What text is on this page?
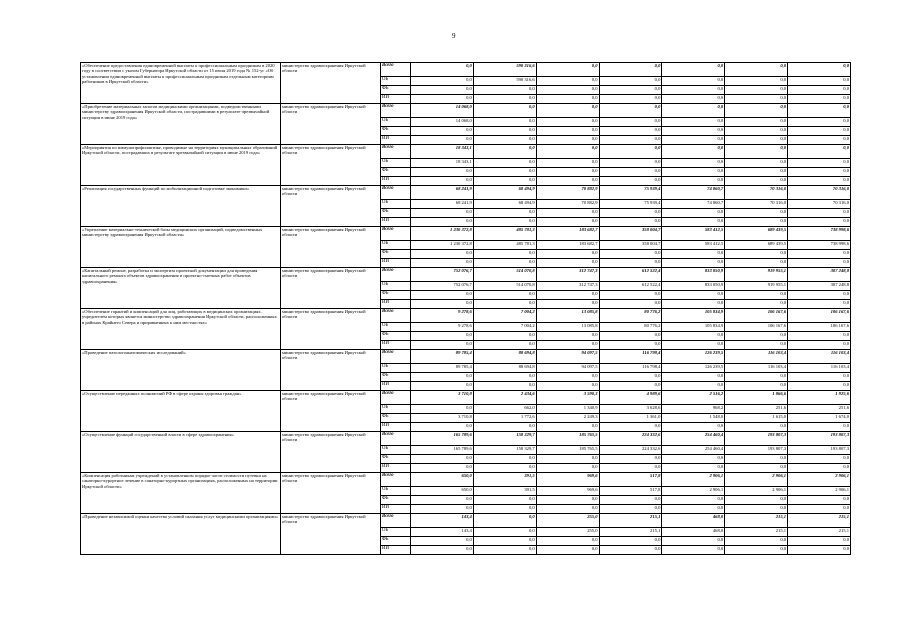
9
«Обеспечение предоставления единовременной выплаты к профессиональным праздникам в 2020 году в соответствии с указом Губернатора Иркутской области от 15 июля 2019 года № 152-уг «Об установлении единовременной выплаты к профессиональным праздникам отдельным категориям работников в Иркутской области»	министерство здравоохранения Иркутской области	Всего	0,0	590 316,6	0,0	0,0	0,0	0,0	0,0
		ОБ	0,0	590 316,6	0,0	0,0	0,0	0,0	0,0
		ФБ	0,0	0,0	0,0	0,0	0,0	0,0	0,0
		ИИ	0,0	0,0	0,0	0,0	0,0	0,0	0,0
«Приобретение материальных запасов медицинскими организациями, подведомственными министерству здравоохранения Иркутской области, пострадавшими в результате чрезвычайной ситуации в июне 2019 года»	министерство здравоохранения Иркутской области	Всего	14 068,0	0,0	0,0	0,0	0,0	0,0	0,0
		ОБ	14 068,0	0,0	0,0	0,0	0,0	0,0	0,0
		ФБ	0,0	0,0	0,0	0,0	0,0	0,0	0,0
		ИИ	0,0	0,0	0,0	0,0	0,0	0,0	0,0
«Мероприятия по иммунопрофилактике, проводимые на территориях муниципальных образований Иркутской области, пострадавших в результате чрезвычайной ситуации в июне 2019 года»	министерство здравоохранения Иркутской области	Всего	18 343,1	0,0	0,0	0,0	0,0	0,0	0,0
		ОБ	18 343,1	0,0	0,0	0,0	0,0	0,0	0,0
		ФБ	0,0	0,0	0,0	0,0	0,0	0,0	0,0
		ИИ	0,0	0,0	0,0	0,0	0,0	0,0	0,0
«Реализация государственных функций по мобилизационной подготовке экономики»	министерство здравоохранения Иркутской области	Всего	68 241,9	68 494,9	70 882,9	75 939,4	74 860,7	70 316,0	70 316,0
		ОБ	68 241,9	68 494,9	70 882,9	75 939,4	74 860,7	70 316,0	70 316,0
		ФБ	0,0	0,0	0,0	0,0	0,0	0,0	0,0
		ИИ	0,0	0,0	0,0	0,0	0,0	0,0	0,0
«Укрепление материально-технической базы медицинских организаций, подведомственных министерству здравоохранения Иркутской области»	министерство здравоохранения Иркутской области	Всего	1 230 372,8	485 781,3	183 682,7	358 004,7	583 412,5	689 439,5	738 998,6
		ОБ	1 230 372,8	485 781,3	183 682,7	358 004,7	583 412,5	689 439,5	738 998,6
		ФБ	0,0	0,0	0,0	0,0	0,0	0,0	0,0
		ИИ	0,0	0,0	0,0	0,0	0,0	0,0	0,0
«Капитальный ремонт, разработка и экспертиза проектной документации для проведения капитального ремонта объектов здравоохранения и проектно-сметных работ объектов здравоохранения»	министерство здравоохранения Иркутской области	Всего	752 076,7	514 070,8	312 747,3	612 522,4	833 050,9	919 955,1	307 248,8
		ОБ	752 076,7	514 070,8	312 747,3	612 522,4	833 050,9	919 955,1	307 248,8
		ФБ	0,0	0,0	0,0	0,0	0,0	0,0	0,0
		ИИ	0,0	0,0	0,0	0,0	0,0	0,0	0,0
«Обеспечение гарантий и компенсаций для лиц, работающих в медицинских организациях, учредителем которых является министерство здравоохранения Иркутской области, расположенных в районах Крайнего Севера и приравненных к ним местностях»	министерство здравоохранения Иркутской области	Всего	9 278,6	7 004,2	13 085,8	80 776,2	105 834,9	106 167,6	106 167,6
		ОБ	9 278,6	7 004,2	13 085,8	80 776,2	105 834,9	106 167,6	106 167,6
		ФБ	0,0	0,0	0,0	0,0	0,0	0,0	0,0
		ИИ	0,0	0,0	0,0	0,0	0,0	0,0	0,0
«Проведение патологоанатомических исследований»	министерство здравоохранения Иркутской области	Всего	89 785,4	88 694,8	94 097,5	116 798,4	126 239,5	116 103,4	116 103,4
		ОБ	89 785,4	88 694,8	94 097,5	116 798,4	126 239,5	116 103,4	116 103,4
		ФБ	0,0	0,0	0,0	0,0	0,0	0,0	0,0
		ИИ	0,0	0,0	0,0	0,0	0,0	0,0	0,0
«Осуществление переданных полномочий РФ в сфере охраны здоровья граждан»	министерство здравоохранения Иркутской области	Всего	3 710,8	2 434,6	3 590,3	4 989,6	2 516,2	1 866,6	1 925,6
		ОБ	0,0	662,0	1 340,9	3 628,6	968,2	251,6	251,6
		ФБ	3 710,8	1 772,6	2 249,3	1 361,0	1 548,0	1 615,0	1 674,0
		ИИ	0,0	0,0	0,0	0,0	0,0	0,0	0,0
«Осуществление функций государственной власти в сфере здравоохранения»	министерство здравоохранения Иркутской области	Всего	165 789,6	158 329,7	185 765,5	224 332,6	254 460,4	193 807,3	193 807,3
		ОБ	165 789,6	158 329,7	185 765,5	224 332,6	254 460,4	193 807,3	193 807,3
		ФБ	0,0	0,0	0,0	0,0	0,0	0,0	0,0
		ИИ	0,0	0,0	0,0	0,0	0,0	0,0	0,0
«Компенсация работникам учреждений в установленном порядке части стоимости путевки на санаторно-курортное лечение в санаторно-курортных организациях, расположенных на территории Иркутской области»	министерство здравоохранения Иркутской области	Всего	650,0	391,5	969,6	517,8	2 906,1	2 906,1	2 906,1
		ОБ	650,0	391,5	969,6	517,8	2 906,1	2 906,1	2 906,1
		ФБ	0,0	0,0	0,0	0,0	0,0	0,0	0,0
		ИИ	0,0	0,0	0,0	0,0	0,0	0,0	0,0
«Проведение независимой оценки качества условий оказания услуг медицинскими организациями»	министерство здравоохранения Иркутской области	Всего	143,4	0,0	255,0	215,1	468,0	215,1	215,1
		ОБ	143,4	0,0	255,0	215,1	468,0	215,1	215,1
		ФБ	0,0	0,0	0,0	0,0	0,0	0,0	0,0
		ИИ	0,0	0,0	0,0	0,0	0,0	0,0	0,0
